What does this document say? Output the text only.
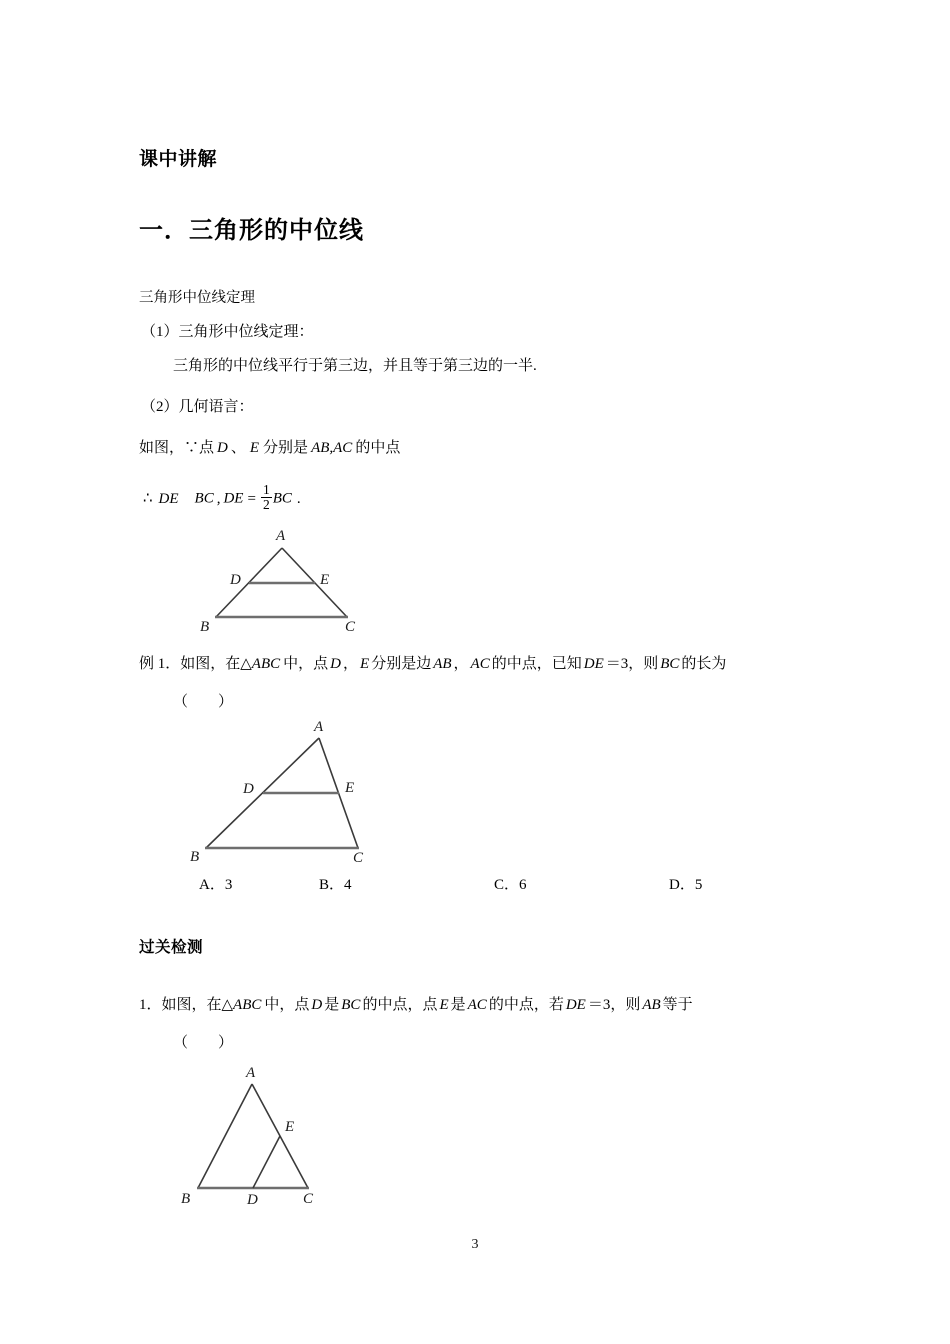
课中讲解
一．三角形的中位线
三角形中位线定理
（1）三角形中位线定理：
三角形的中位线平行于第三边，并且等于第三边的一半.
（2）几何语言：
如图，∵点 D 、 E 分别是 AB,AC 的中点
∴ DE BC , DE = $\frac{1}{2}$ BC .
A
D	E
B	C
例 1．如图，在△ABC 中，点 D ， E 分别是边 AB ， AC 的中点，已知 DE ＝3，则 BC 的长为
（　　）
A
D	E
B	C
A．3	B．4	C．6	D．5
过关检测
1．如图，在△ABC 中，点 D 是 BC 的中点，点 E 是 AC 的中点，若 DE ＝3，则 AB 等于
（　　）
A
E
B	D	C
3
